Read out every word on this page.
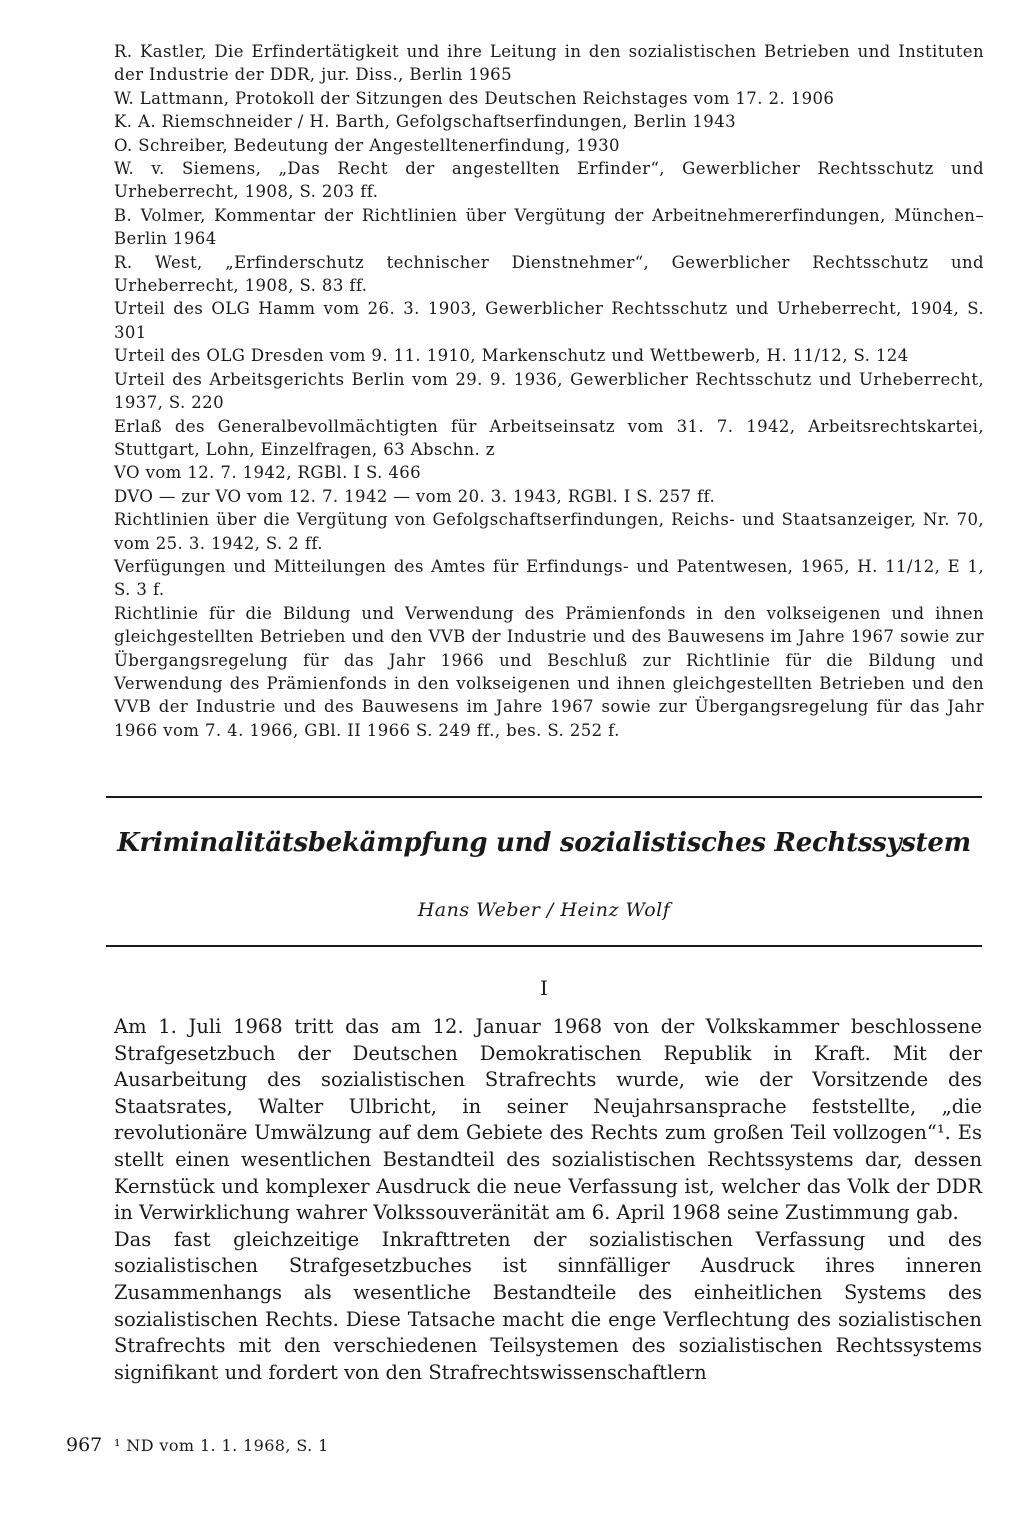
R. Kastler, Die Erfindertätigkeit und ihre Leitung in den sozialistischen Betrieben und Instituten der Industrie der DDR, jur. Diss., Berlin 1965

W. Lattmann, Protokoll der Sitzungen des Deutschen Reichstages vom 17. 2. 1906

K. A. Riemschneider / H. Barth, Gefolgschaftserfindungen, Berlin 1943

O. Schreiber, Bedeutung der Angestelltenerfindung, 1930

W. v. Siemens, „Das Recht der angestellten Erfinder“, Gewerblicher Rechtsschutz und Urheberrecht, 1908, S. 203 ff.

B. Volmer, Kommentar der Richtlinien über Vergütung der Arbeitnehmererfindungen, München–Berlin 1964

R. West, „Erfinderschutz technischer Dienstnehmer“, Gewerblicher Rechtsschutz und Urheberrecht, 1908, S. 83 ff.

Urteil des OLG Hamm vom 26. 3. 1903, Gewerblicher Rechtsschutz und Urheberrecht, 1904, S. 301

Urteil des OLG Dresden vom 9. 11. 1910, Markenschutz und Wettbewerb, H. 11/12, S. 124

Urteil des Arbeitsgerichts Berlin vom 29. 9. 1936, Gewerblicher Rechtsschutz und Urheberrecht, 1937, S. 220

Erlaß des Generalbevollmächtigten für Arbeitseinsatz vom 31. 7. 1942, Arbeitsrechtskartei, Stuttgart, Lohn, Einzelfragen, 63 Abschn. z

VO vom 12. 7. 1942, RGBl. I S. 466

DVO — zur VO vom 12. 7. 1942 — vom 20. 3. 1943, RGBl. I S. 257 ff.

Richtlinien über die Vergütung von Gefolgschaftserfindungen, Reichs- und Staatsanzeiger, Nr. 70, vom 25. 3. 1942, S. 2 ff.

Verfügungen und Mitteilungen des Amtes für Erfindungs- und Patentwesen, 1965, H. 11/12, E 1, S. 3 f.

Richtlinie für die Bildung und Verwendung des Prämienfonds in den volkseigenen und ihnen gleichgestellten Betrieben und den VVB der Industrie und des Bauwesens im Jahre 1967 sowie zur Übergangsregelung für das Jahr 1966 und Beschluß zur Richtlinie für die Bildung und Verwendung des Prämienfonds in den volkseigenen und ihnen gleichgestellten Betrieben und den VVB der Industrie und des Bauwesens im Jahre 1967 sowie zur Übergangsregelung für das Jahr 1966 vom 7. 4. 1966, GBl. II 1966 S. 249 ff., bes. S. 252 f.

Kriminalitätsbekämpfung und sozialistisches Rechtssystem
Hans Weber / Heinz Wolf
I

Am 1. Juli 1968 tritt das am 12. Januar 1968 von der Volkskammer beschlossene Strafgesetzbuch der Deutschen Demokratischen Republik in Kraft. Mit der Ausarbeitung des sozialistischen Strafrechts wurde, wie der Vorsitzende des Staatsrates, Walter Ulbricht, in seiner Neujahrsansprache feststellte, „die revolutionäre Umwälzung auf dem Gebiete des Rechts zum großen Teil vollzogen“¹. Es stellt einen wesentlichen Bestandteil des sozialistischen Rechtssystems dar, dessen Kernstück und komplexer Ausdruck die neue Verfassung ist, welcher das Volk der DDR in Verwirklichung wahrer Volkssouveränität am 6. April 1968 seine Zustimmung gab.

Das fast gleichzeitige Inkrafttreten der sozialistischen Verfassung und des sozialistischen Strafgesetzbuches ist sinnfälliger Ausdruck ihres inneren Zusammenhangs als wesentliche Bestandteile des einheitlichen Systems des sozialistischen Rechts. Diese Tatsache macht die enge Verflechtung des sozialistischen Strafrechts mit den verschiedenen Teilsystemen des sozialistischen Rechtssystems signifikant und fordert von den Strafrechtswissenschaftlern

967 ¹ ND vom 1. 1. 1968, S. 1
